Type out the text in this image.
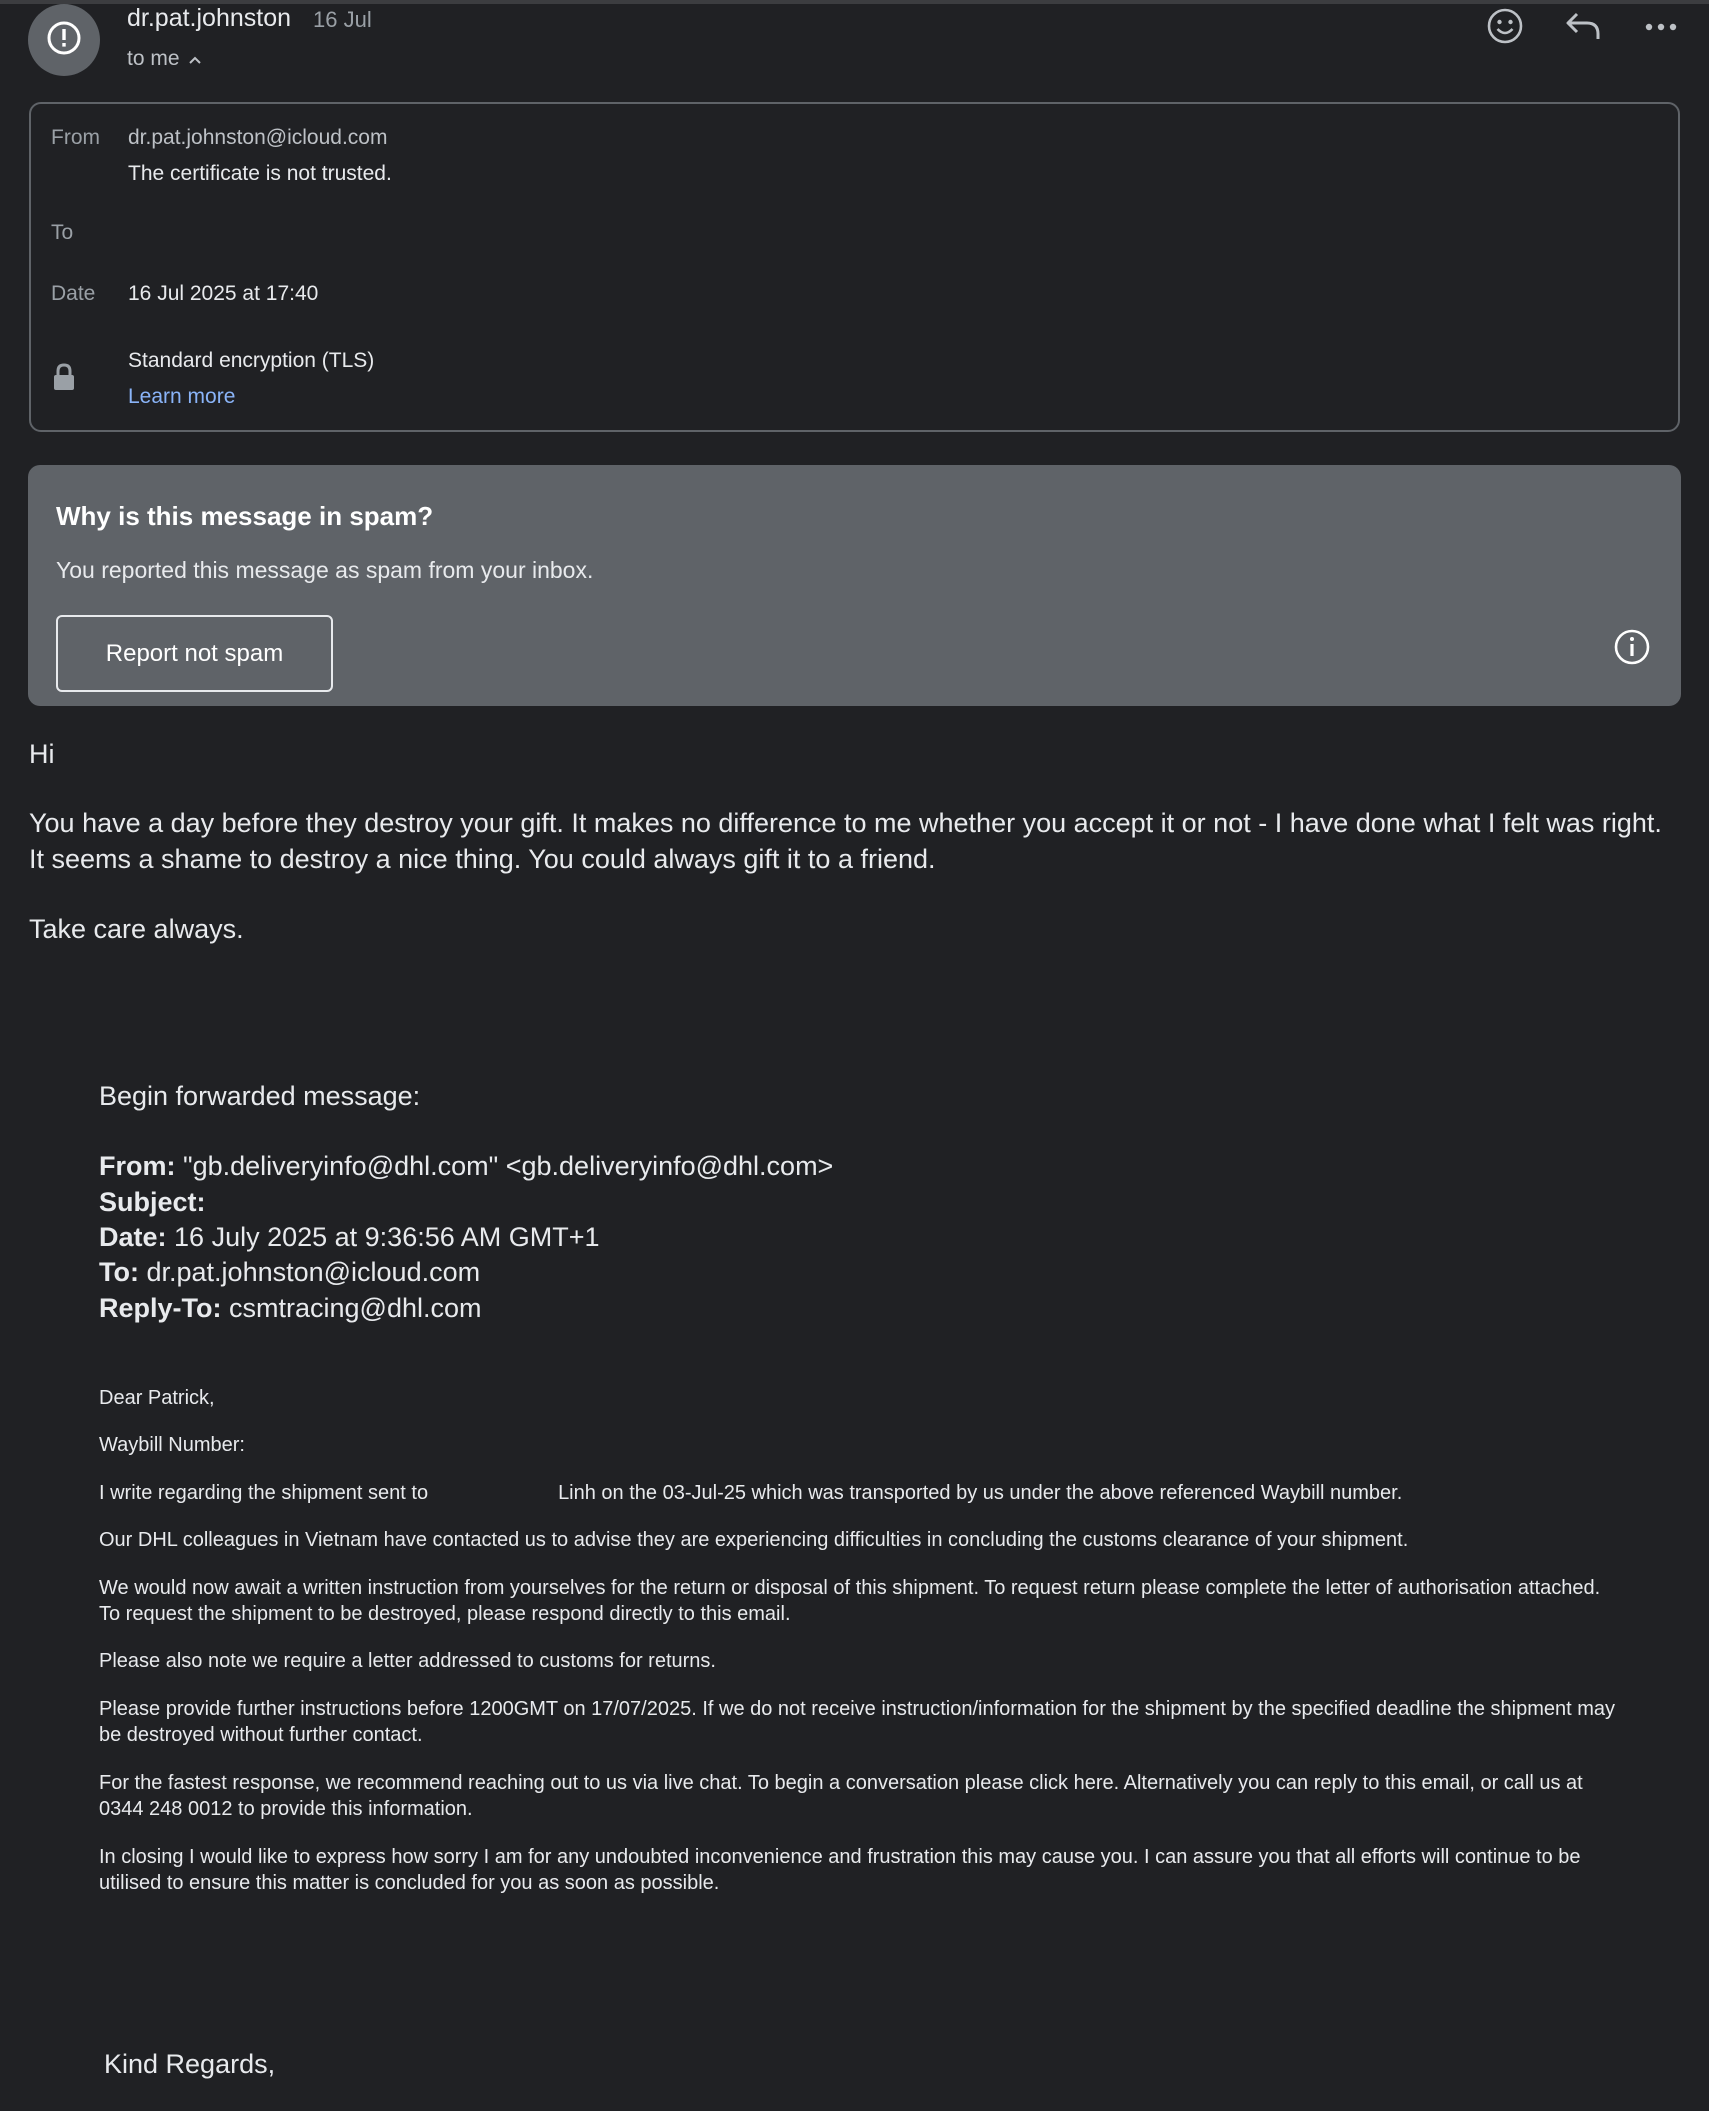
dr.pat.johnston 16 Jul
to me
From dr.pat.johnston@icloud.com
The certificate is not trusted.
To
Date 16 Jul 2025 at 17:40
Standard encryption (TLS)
Learn more
Why is this message in spam?
You reported this message as spam from your inbox.
Report not spam
Hi
You have a day before they destroy your gift. It makes no difference to me whether you accept it or not - I have done what I felt was right. It seems a shame to destroy a nice thing. You could always gift it to a friend.
Take care always.
Begin forwarded message:
From: "gb.deliveryinfo@dhl.com" <gb.deliveryinfo@dhl.com>
Subject:
Date: 16 July 2025 at 9:36:56 AM GMT+1
To: dr.pat.johnston@icloud.com
Reply-To: csmtracing@dhl.com
Dear Patrick,
Waybill Number:
I write regarding the shipment sent to	Linh on the 03-Jul-25 which was transported by us under the above referenced Waybill number.
Our DHL colleagues in Vietnam have contacted us to advise they are experiencing difficulties in concluding the customs clearance of your shipment.
We would now await a written instruction from yourselves for the return or disposal of this shipment. To request return please complete the letter of authorisation attached. To request the shipment to be destroyed, please respond directly to this email.
Please also note we require a letter addressed to customs for returns.
Please provide further instructions before 1200GMT on 17/07/2025. If we do not receive instruction/information for the shipment by the specified deadline the shipment may be destroyed without further contact.
For the fastest response, we recommend reaching out to us via live chat. To begin a conversation please click here. Alternatively you can reply to this email, or call us at 0344 248 0012 to provide this information.
In closing I would like to express how sorry I am for any undoubted inconvenience and frustration this may cause you. I can assure you that all efforts will continue to be utilised to ensure this matter is concluded for you as soon as possible.
Kind Regards,
